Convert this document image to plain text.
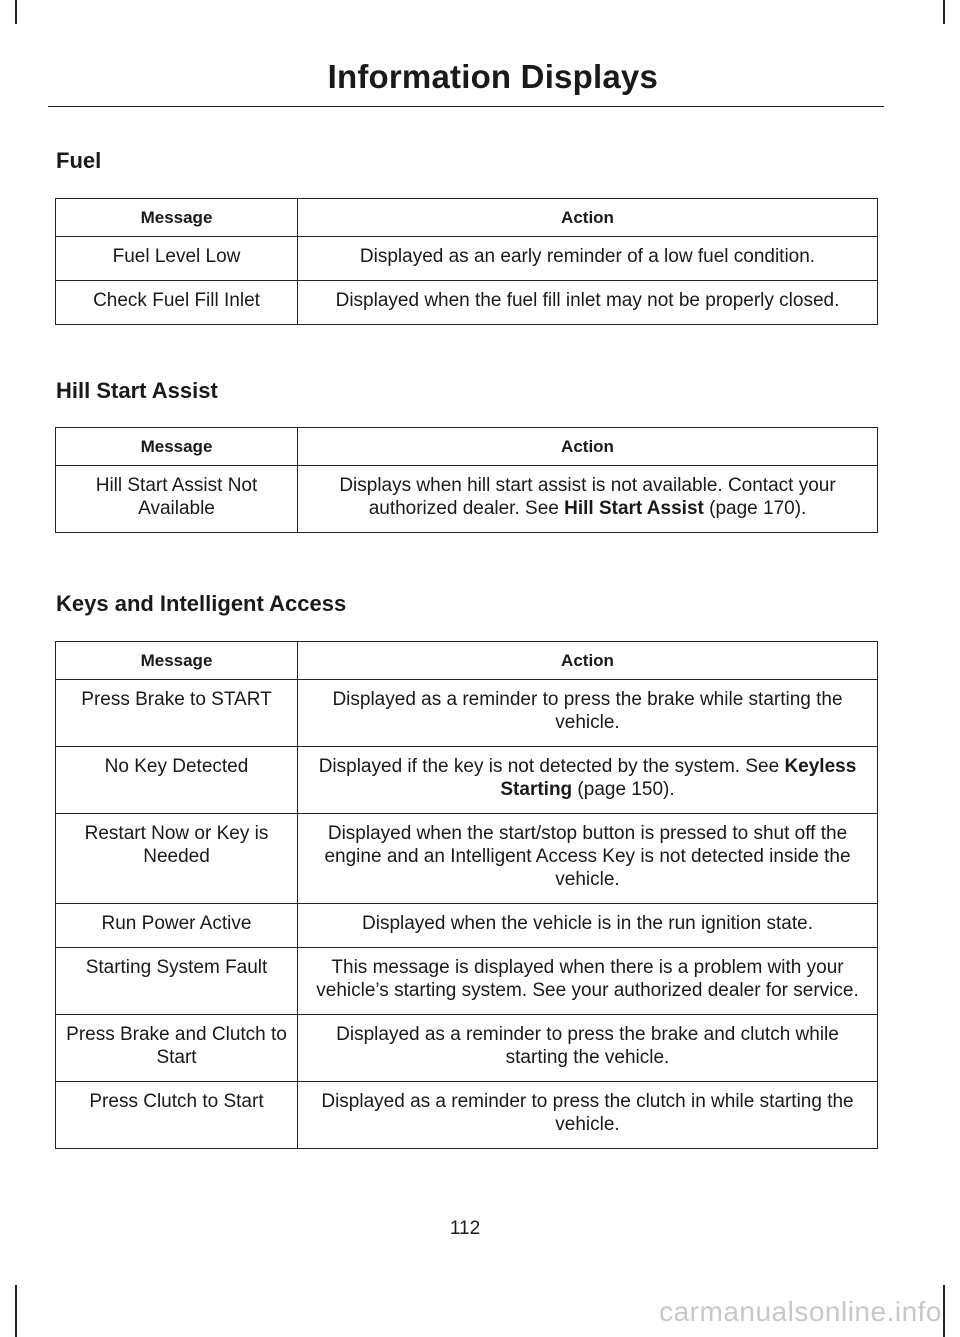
Information Displays
Fuel
Message	Action
Fuel Level Low	Displayed as an early reminder of a low fuel condition.
Check Fuel Fill Inlet	Displayed when the fuel fill inlet may not be properly closed.
Hill Start Assist
Message	Action
Hill Start Assist Not Available	Displays when hill start assist is not available. Contact your authorized dealer. See Hill Start Assist (page 170).
Keys and Intelligent Access
Message	Action
Press Brake to START	Displayed as a reminder to press the brake while starting the vehicle.
No Key Detected	Displayed if the key is not detected by the system. See Keyless Starting (page 150).
Restart Now or Key is Needed	Displayed when the start/stop button is pressed to shut off the engine and an Intelligent Access Key is not detected inside the vehicle.
Run Power Active	Displayed when the vehicle is in the run ignition state.
Starting System Fault	This message is displayed when there is a problem with your vehicle’s starting system. See your authorized dealer for service.
Press Brake and Clutch to Start	Displayed as a reminder to press the brake and clutch while starting the vehicle.
Press Clutch to Start	Displayed as a reminder to press the clutch in while starting the vehicle.
112
carmanualsonline.info
